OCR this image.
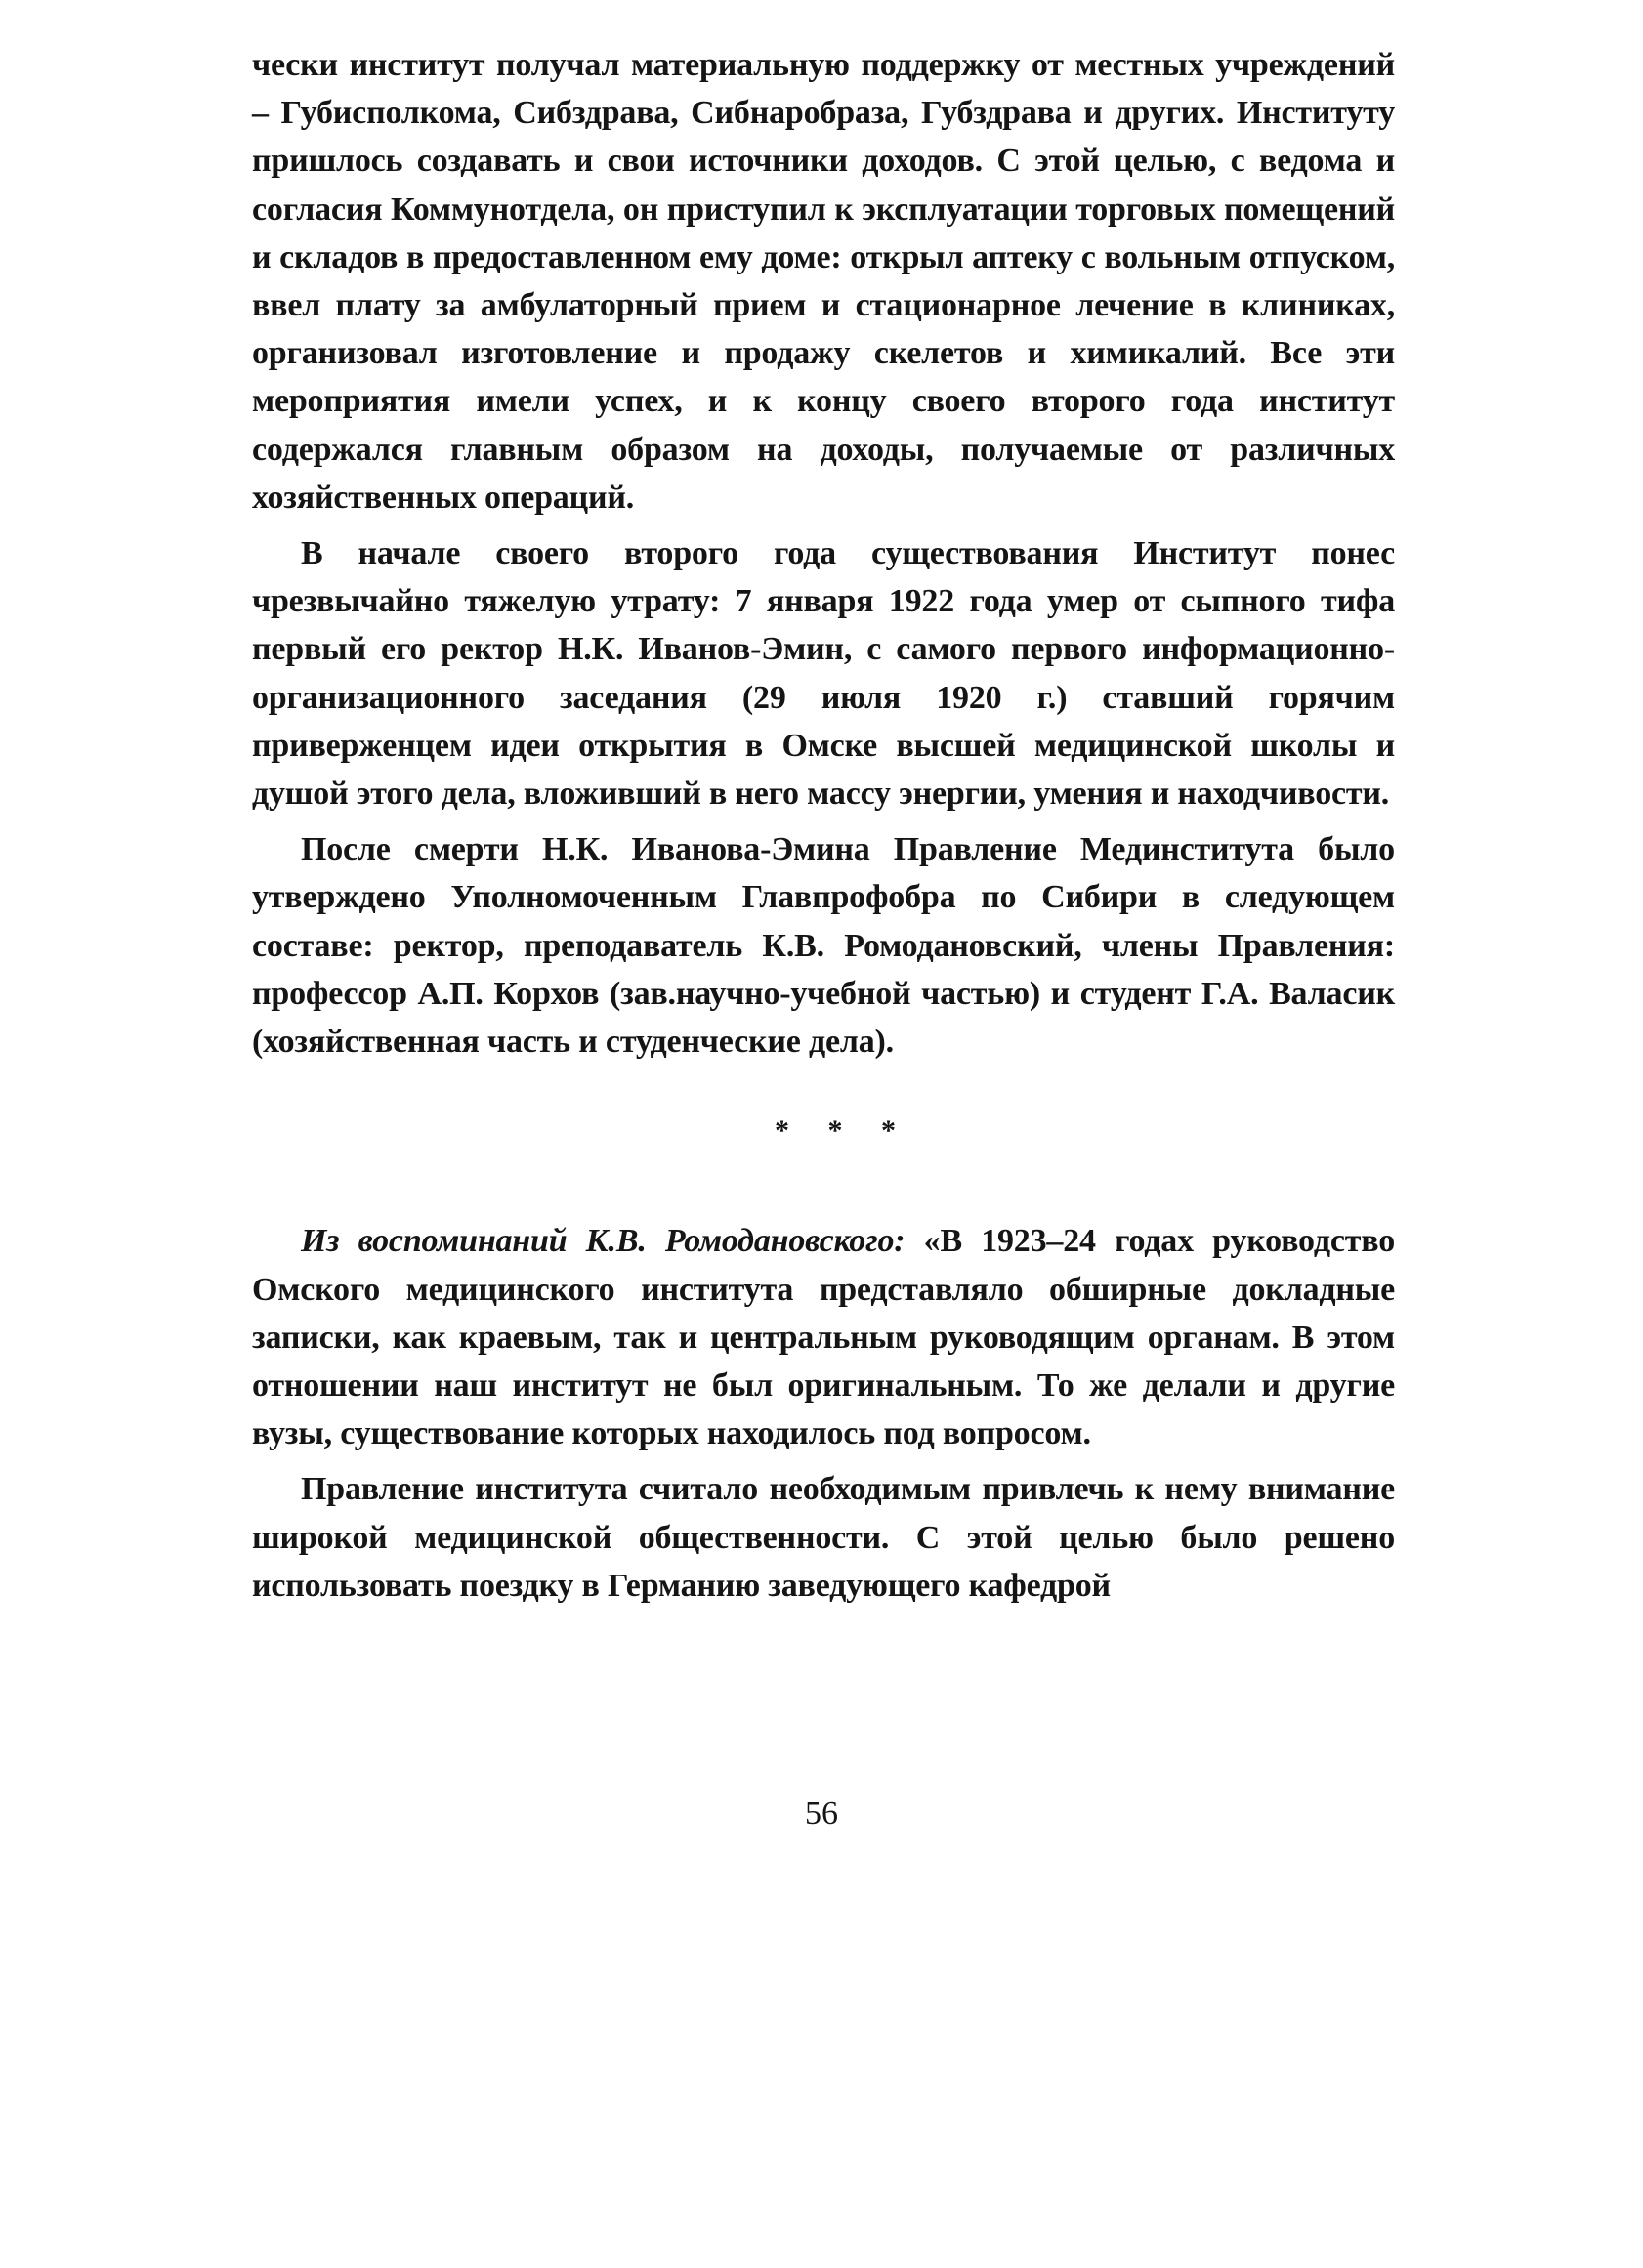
чески институт получал материальную поддержку от местных учреждений – Губисполкома, Сибздрава, Сибнаробраза, Губздрава и других. Институту пришлось создавать и свои источники доходов. С этой целью, с ведома и согласия Коммунотдела, он приступил к эксплуатации торговых помещений и складов в предоставленном ему доме: открыл аптеку с вольным отпуском, ввел плату за амбулаторный прием и стационарное лечение в клиниках, организовал изготовление и продажу скелетов и химикалий. Все эти мероприятия имели успех, и к концу своего второго года институт содержался главным образом на доходы, получаемые от различных хозяйственных операций.

В начале своего второго года существования Институт понес чрезвычайно тяжелую утрату: 7 января 1922 года умер от сыпного тифа первый его ректор Н.К. Иванов-Эмин, с самого первого информационно-организационного заседания (29 июля 1920 г.) ставший горячим приверженцем идеи открытия в Омске высшей медицинской школы и душой этого дела, вложивший в него массу энергии, умения и находчивости.

После смерти Н.К. Иванова-Эмина Правление Мединститута было утверждено Уполномоченным Главпрофобра по Сибири в следующем составе: ректор, преподаватель К.В. Ромодановский, члены Правления: профессор А.П. Корхов (зав.научно-учебной частью) и студент Г.А. Валасик (хозяйственная часть и студенческие дела).

* * *

Из воспоминаний К.В. Ромодановского: «В 1923–24 годах руководство Омского медицинского института представляло обширные докладные записки, как краевым, так и центральным руководящим органам. В этом отношении наш институт не был оригинальным. То же делали и другие вузы, существование которых находилось под вопросом.

Правление института считало необходимым привлечь к нему внимание широкой медицинской общественности. С этой целью было решено использовать поездку в Германию заведующего кафедрой

56
